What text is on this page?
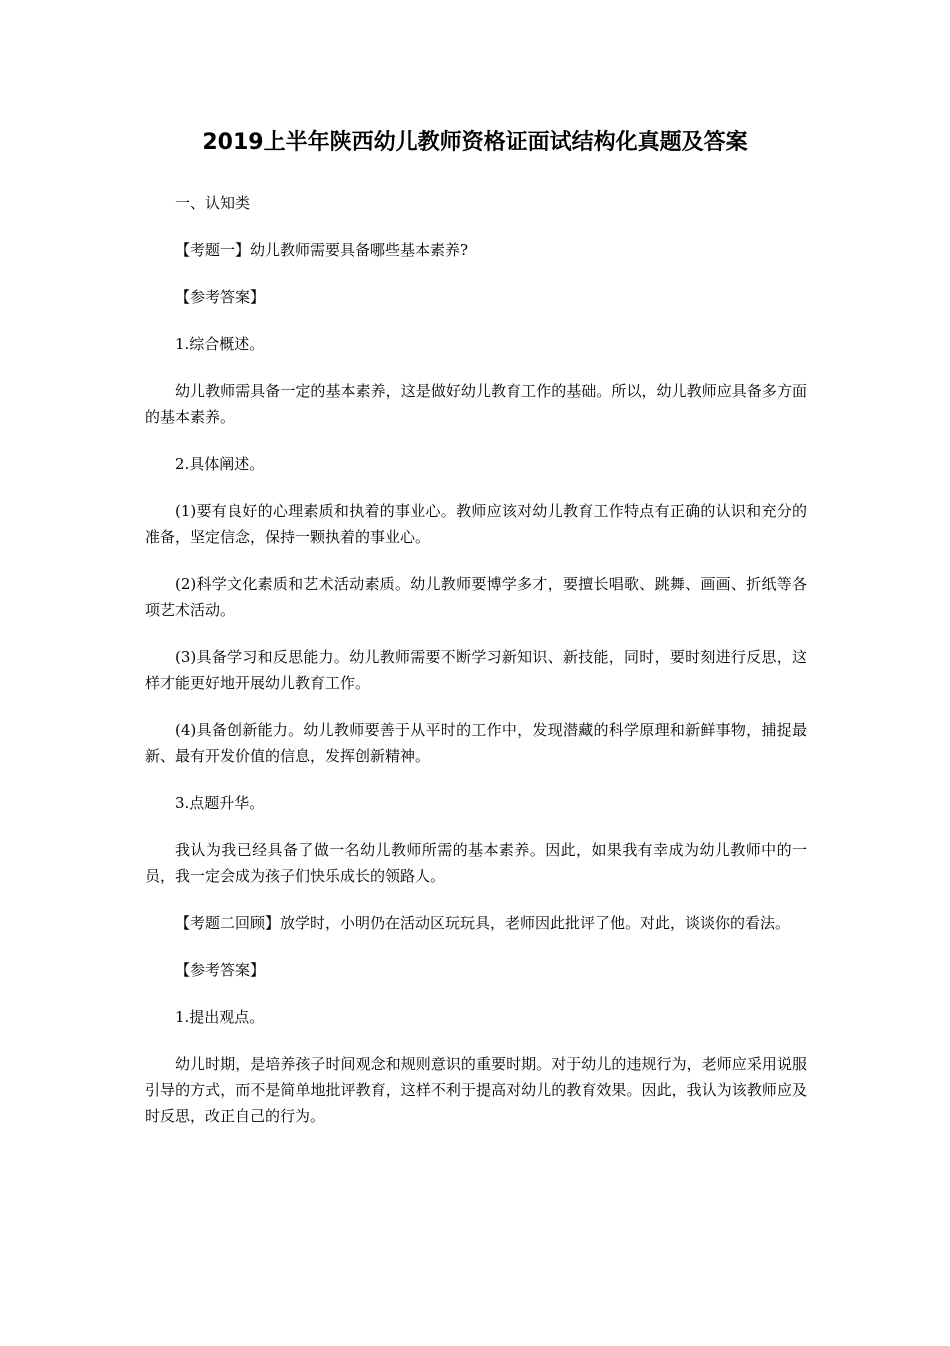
2019上半年陕西幼儿教师资格证面试结构化真题及答案

一、认知类

【考题一】幼儿教师需要具备哪些基本素养?

【参考答案】

1.综合概述。

幼儿教师需具备一定的基本素养，这是做好幼儿教育工作的基础。所以，幼儿教师应具备多方面的基本素养。

2.具体阐述。

(1)要有良好的心理素质和执着的事业心。教师应该对幼儿教育工作特点有正确的认识和充分的准备，坚定信念，保持一颗执着的事业心。

(2)科学文化素质和艺术活动素质。幼儿教师要博学多才，要擅长唱歌、跳舞、画画、折纸等各项艺术活动。

(3)具备学习和反思能力。幼儿教师需要不断学习新知识、新技能，同时，要时刻进行反思，这样才能更好地开展幼儿教育工作。

(4)具备创新能力。幼儿教师要善于从平时的工作中，发现潜藏的科学原理和新鲜事物，捕捉最新、最有开发价值的信息，发挥创新精神。

3.点题升华。

我认为我已经具备了做一名幼儿教师所需的基本素养。因此，如果我有幸成为幼儿教师中的一员，我一定会成为孩子们快乐成长的领路人。

【考题二回顾】放学时，小明仍在活动区玩玩具，老师因此批评了他。对此，谈谈你的看法。

【参考答案】

1.提出观点。

幼儿时期，是培养孩子时间观念和规则意识的重要时期。对于幼儿的违规行为，老师应采用说服引导的方式，而不是简单地批评教育，这样不利于提高对幼儿的教育效果。因此，我认为该教师应及时反思，改正自己的行为。
